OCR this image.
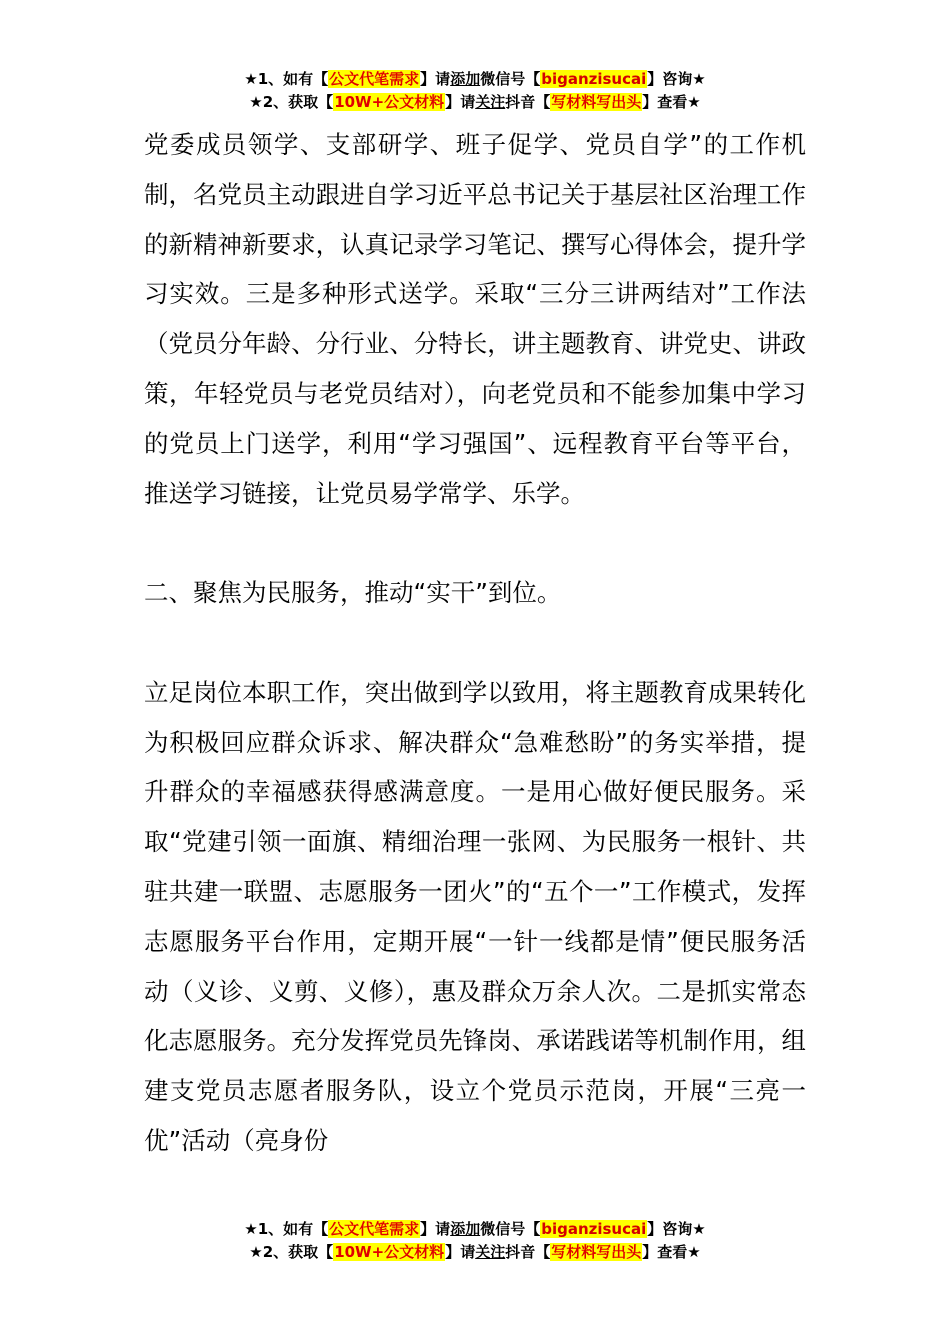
★1、如有【公文代笔需求】请添加微信号【biganzisucai】咨询★
★2、获取【10W+公文材料】请关注抖音【写材料写出头】查看★

党委成员领学、支部研学、班子促学、党员自学”的工作机制，名党员主动跟进自学习近平总书记关于基层社区治理工作的新精神新要求，认真记录学习笔记、撰写心得体会，提升学习实效。三是多种形式送学。采取“三分三讲两结对”工作法（党员分年龄、分行业、分特长，讲主题教育、讲党史、讲政策，年轻党员与老党员结对），向老党员和不能参加集中学习的党员上门送学，利用“学习强国”、远程教育平台等平台，推送学习链接，让党员易学常学、乐学。

二、聚焦为民服务，推动“实干”到位。

立足岗位本职工作，突出做到学以致用，将主题教育成果转化为积极回应群众诉求、解决群众“急难愁盼”的务实举措，提升群众的幸福感获得感满意度。一是用心做好便民服务。采取“党建引领一面旗、精细治理一张网、为民服务一根针、共驻共建一联盟、志愿服务一团火”的“五个一”工作模式，发挥志愿服务平台作用，定期开展“一针一线都是情”便民服务活动（义诊、义剪、义修），惠及群众万余人次。二是抓实常态化志愿服务。充分发挥党员先锋岗、承诺践诺等机制作用，组建支党员志愿者服务队，设立个党员示范岗，开展“三亮一优”活动（亮身份

★1、如有【公文代笔需求】请添加微信号【biganzisucai】咨询★
★2、获取【10W+公文材料】请关注抖音【写材料写出头】查看★
